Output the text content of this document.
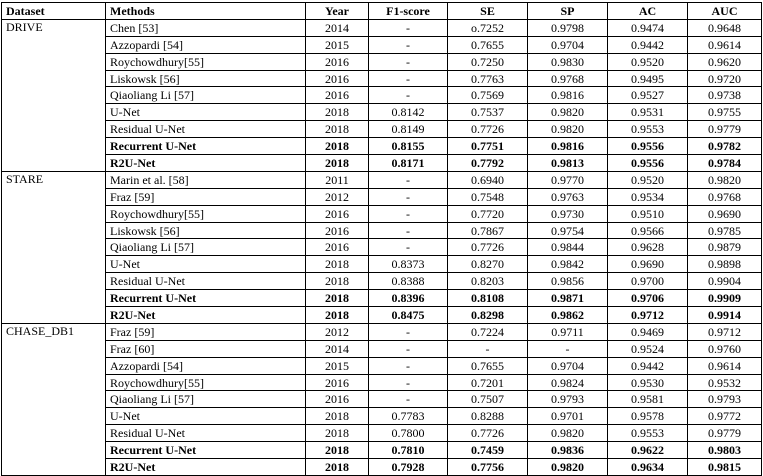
Dataset	Methods	Year	F1-score	SE	SP	AC	AUC
DRIVE	Chen [53]	2014	-	o.7252	0.9798	0.9474	0.9648
	Azzopardi [54]	2015	-	0.7655	0.9704	0.9442	0.9614
	Roychowdhury[55]	2016	-	0.7250	0.9830	0.9520	0.9620
	Liskowsk [56]	2016	-	0.7763	0.9768	0.9495	0.9720
	Qiaoliang Li [57]	2016	-	0.7569	0.9816	0.9527	0.9738
	U-Net	2018	0.8142	0.7537	0.9820	0.9531	0.9755
	Residual U-Net	2018	0.8149	0.7726	0.9820	0.9553	0.9779
	Recurrent U-Net	2018	0.8155	0.7751	0.9816	0.9556	0.9782
	R2U-Net	2018	0.8171	0.7792	0.9813	0.9556	0.9784
STARE	Marin et al. [58]	2011	-	0.6940	0.9770	0.9520	0.9820
	Fraz [59]	2012	-	0.7548	0.9763	0.9534	0.9768
	Roychowdhury[55]	2016	-	0.7720	0.9730	0.9510	0.9690
	Liskowsk [56]	2016	-	0.7867	0.9754	0.9566	0.9785
	Qiaoliang Li [57]	2016	-	0.7726	0.9844	0.9628	0.9879
	U-Net	2018	0.8373	0.8270	0.9842	0.9690	0.9898
	Residual U-Net	2018	0.8388	0.8203	0.9856	0.9700	0.9904
	Recurrent U-Net	2018	0.8396	0.8108	0.9871	0.9706	0.9909
	R2U-Net	2018	0.8475	0.8298	0.9862	0.9712	0.9914
CHASE_DB1	Fraz [59]	2012	-	0.7224	0.9711	0.9469	0.9712
	Fraz [60]	2014	-	-	-	0.9524	0.9760
	Azzopardi [54]	2015	-	0.7655	0.9704	0.9442	0.9614
	Roychowdhury[55]	2016	-	0.7201	0.9824	0.9530	0.9532
	Qiaoliang Li [57]	2016	-	0.7507	0.9793	0.9581	0.9793
	U-Net	2018	0.7783	0.8288	0.9701	0.9578	0.9772
	Residual U-Net	2018	0.7800	0.7726	0.9820	0.9553	0.9779
	Recurrent U-Net	2018	0.7810	0.7459	0.9836	0.9622	0.9803
	R2U-Net	2018	0.7928	0.7756	0.9820	0.9634	0.9815
